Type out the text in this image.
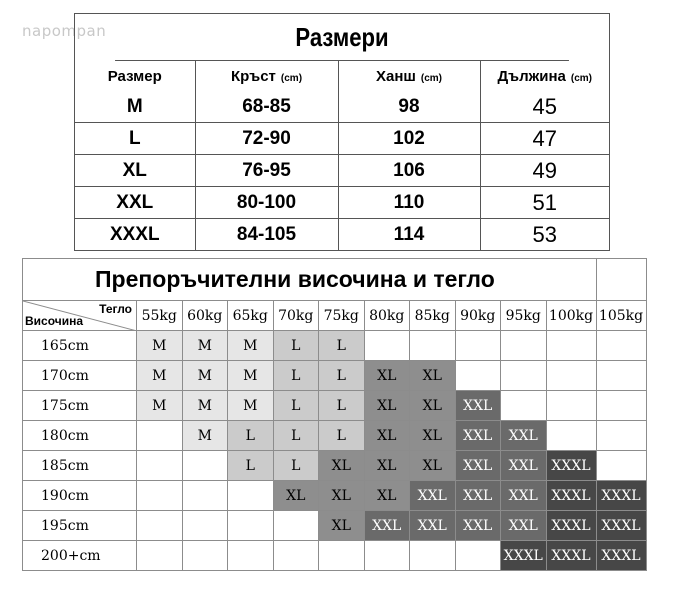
napompan	Размери
Размер	Кръст (cm)	Ханш (cm)	Дължина (cm)
M	68-85	98	45
L	72-90	102	47
XL	76-95	106	49
XXL	80-100	110	51
XXXL	84-105	114	53
Препоръчителни височина и тегло											

Тегло
Височина	55kg	60kg	65kg	70kg	75kg	80kg	85kg	90kg	95kg	100kg	105kg
165cm	M	M	M	L	L						
170cm	M	M	M	L	L	XL	XL				
175cm	M	M	M	L	L	XL	XL	XXL			
180cm		M	L	L	L	XL	XL	XXL	XXL		
185cm			L	L	XL	XL	XL	XXL	XXL	XXXL	
190cm				XL	XL	XL	XXL	XXL	XXL	XXXL	XXXL
195cm					XL	XXL	XXL	XXL	XXL	XXXL	XXXL
200+cm									XXXL	XXXL	XXXL
